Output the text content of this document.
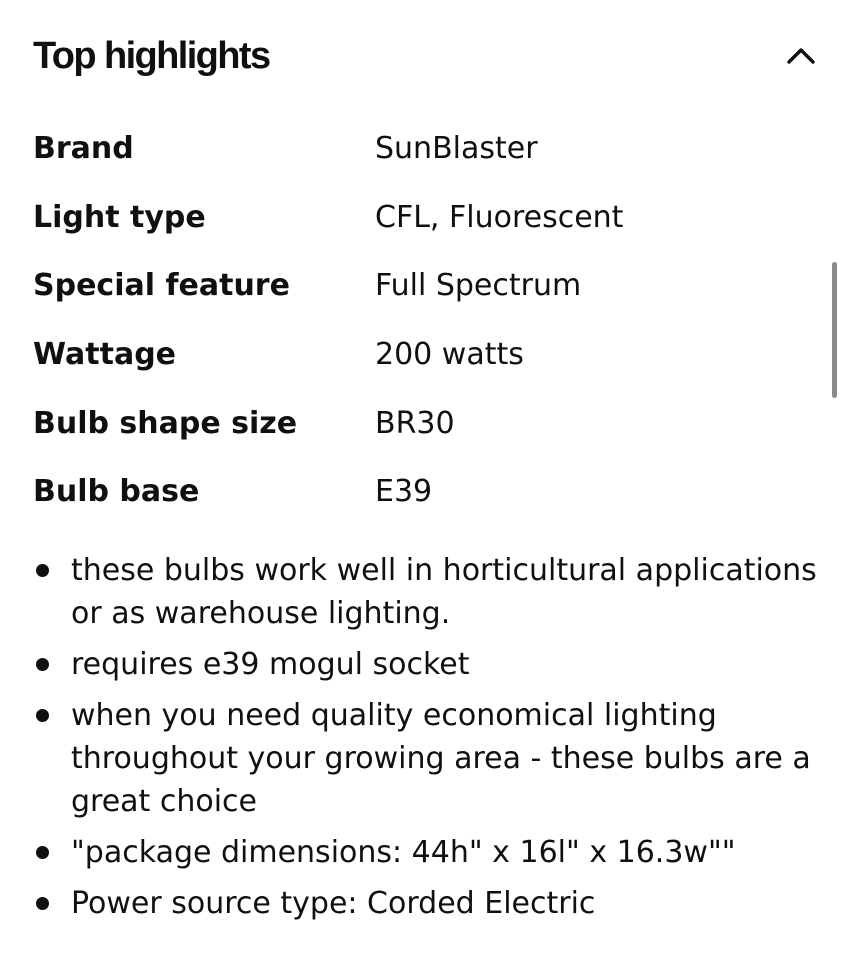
Top highlights
Brand	SunBlaster
Light type	CFL, Fluorescent
Special feature	Full Spectrum
Wattage	200 watts
Bulb shape size	BR30
Bulb base	E39
these bulbs work well in horticultural applications or as warehouse lighting.
requires e39 mogul socket
when you need quality economical lighting throughout your growing area - these bulbs are a great choice
"package dimensions: 44h" x 16l" x 16.3w""
Power source type: Corded Electric
